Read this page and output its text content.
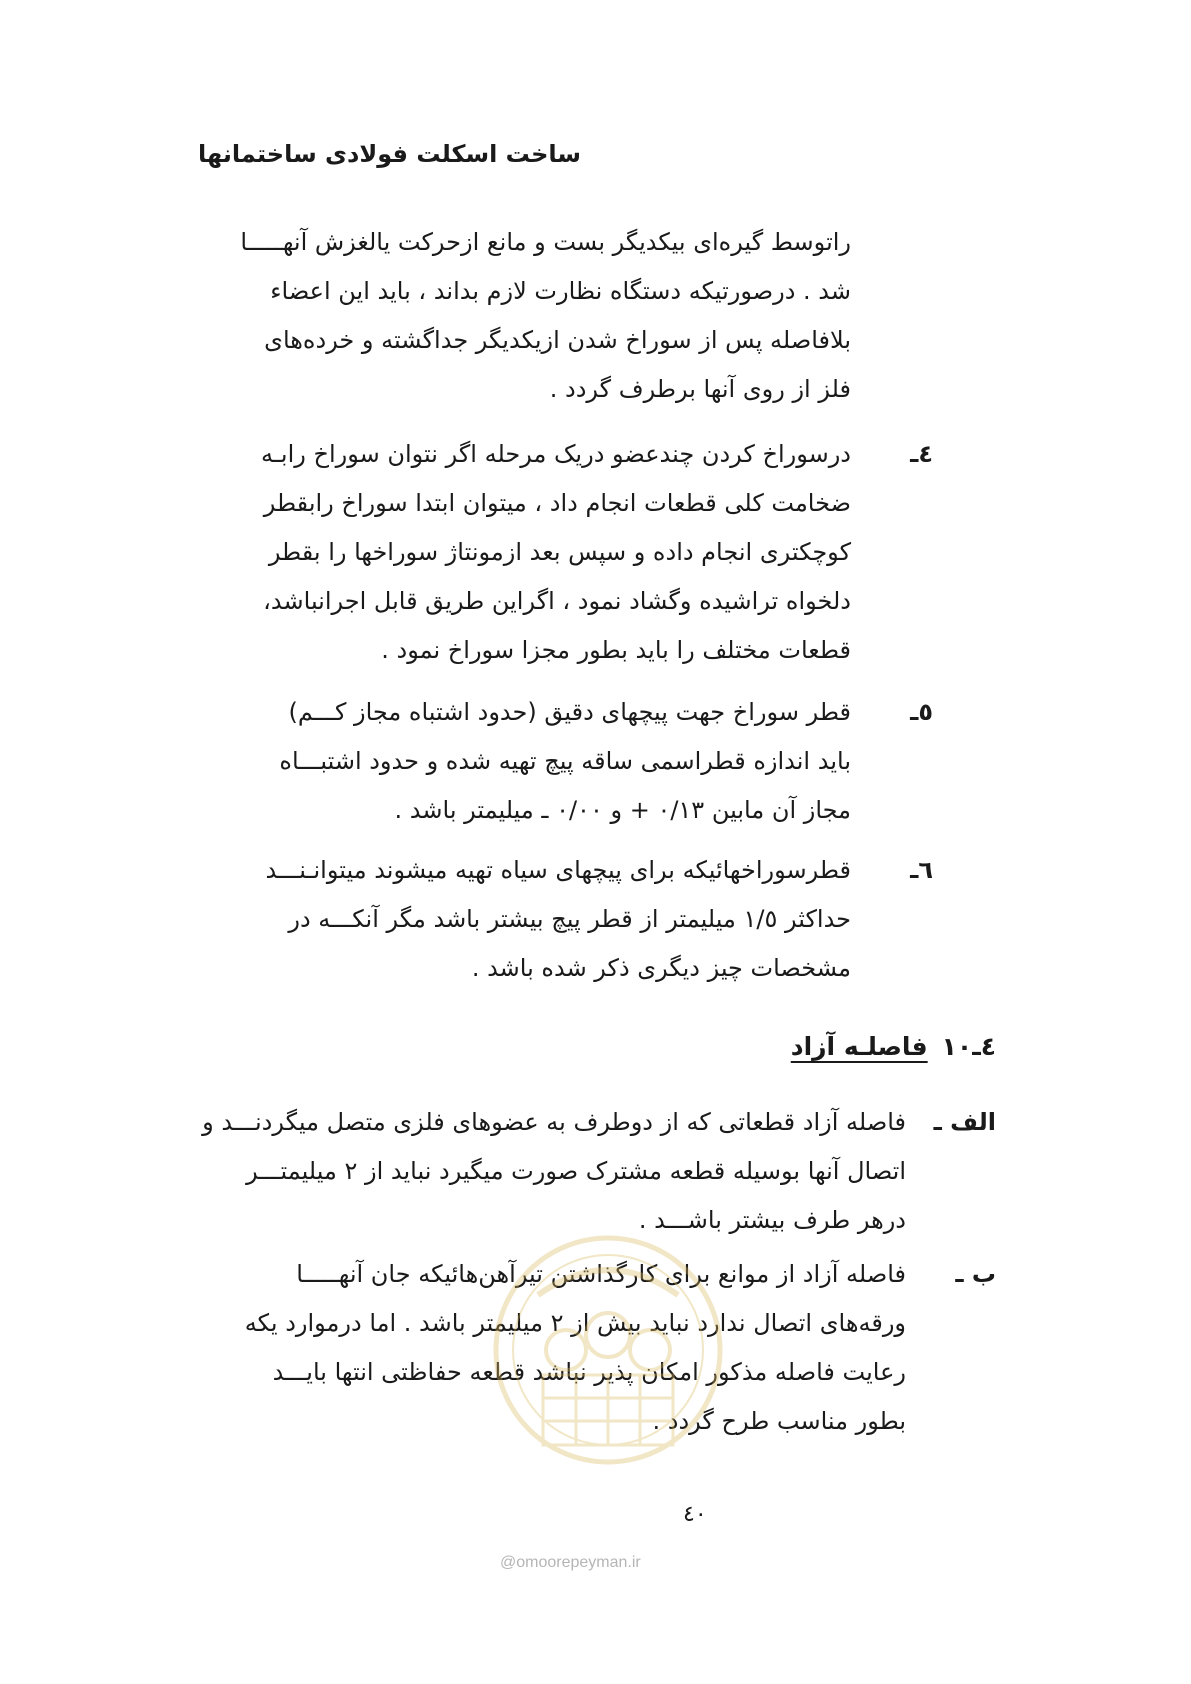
ساخت اسکلت فولادی ساختمانها
راتوسط گیره‌ای بیکدیگر بست و مانع ازحرکت یالغزش آنهـــــا
شد . درصورتیکه دستگاه نظارت لازم بداند ، باید این اعضاء
بلافاصله پس از سوراخ شدن ازیکدیگر جداگشته و خرده‌های
فلز از روی آنها برطرف گردد .
٤ـ
درسوراخ کردن چندعضو دریک مرحله اگر نتوان سوراخ رابـه
ضخامت کلی قطعات انجام داد ، میتوان ابتدا سوراخ رابقطر
کوچکتری انجام داده و سپس بعد ازمونتاژ سوراخها را بقطر
دلخواه تراشیده وگشاد نمود ، اگراین طریق قابل اجرانباشد،
قطعات مختلف را باید بطور مجزا سوراخ نمود .
٥ـ
قطر سوراخ جهت پیچهای دقیق (حدود اشتباه مجاز کـــم)
باید اندازه قطراسمی ساقه پیچ تهیه شده و حدود اشتبـــاه
مجاز آن مابین ۰/۱۳ + و ۰/۰۰ ـ میلیمتر باشد .
٦ـ
قطرسوراخهائیکه برای پیچهای سیاه تهیه میشوند میتوانـنـــد
حداکثر ۱/٥ میلیمتر از قطر پیچ بیشتر باشد مگر آنکـــه در
مشخصات چیز دیگری ذکر شده باشد .
٤ـ۱۰فاصلـه آزاد
الف ـ
فاصله آزاد قطعاتی که از دوطرف به عضوهای فلزی متصل میگردنـــد و
اتصال آنها بوسیله قطعه مشترک صورت میگیرد نباید از ۲ میلیمتـــر
درهر طرف بیشتر باشـــد .
ب ـ
فاصله آزاد از موانع برای کارگذاشتن تیرآهن‌هائیکه جان آنهـــــا
ورقه‌های اتصال ندارد نباید بیش از ۲ میلیمتر باشد . اما درموارد یکه
رعایت فاصله مذکور امکان پذیر نباشد قطعه حفاظتی انتها بایـــد
بطور مناسب طرح گردد .
٤٠
@omoorepeyman.ir
